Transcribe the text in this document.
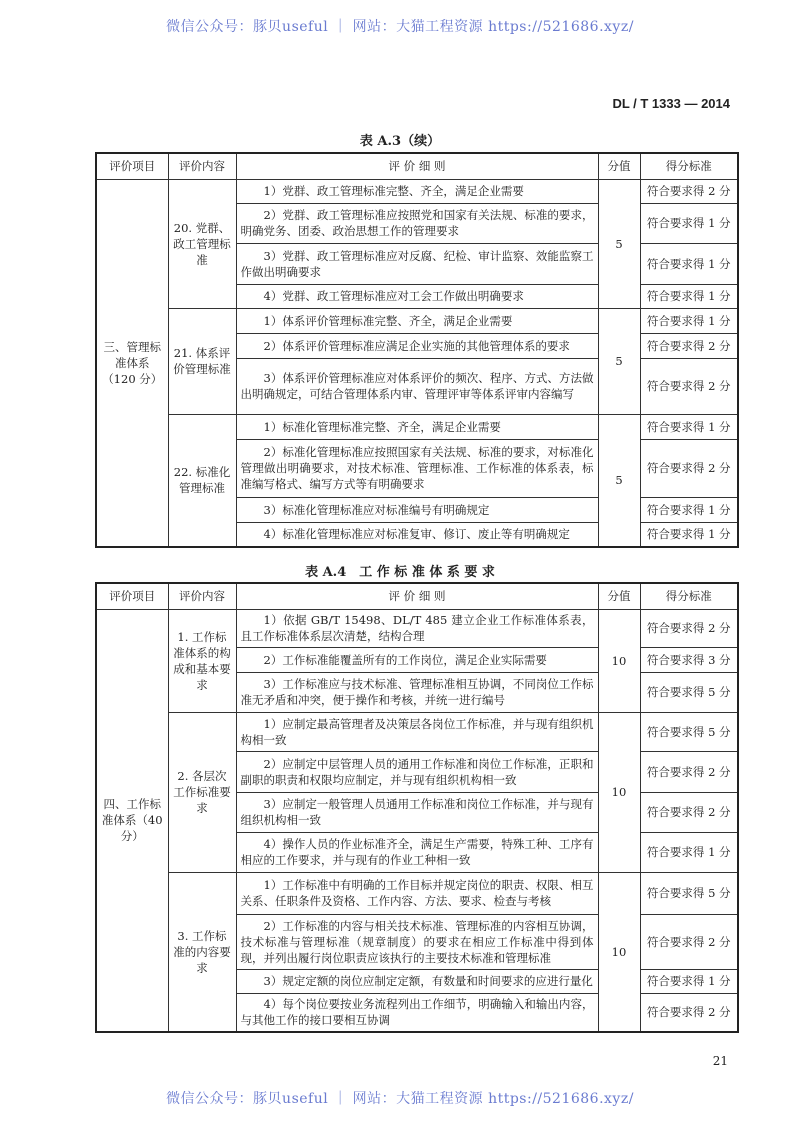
微信公众号：豚贝useful ｜ 网站：大猫工程资源 https://521686.xyz/
DL / T 1333 — 2014
表 A.3（续）
评价项目	评价内容	评 价 细 则	分值	得分标准
三、管理标准体系（120 分）	20. 党群、政工管理标准	1）党群、政工管理标准完整、齐全，满足企业需要	5	符合要求得 2 分
		2）党群、政工管理标准应按照党和国家有关法规、标准的要求，明确党务、团委、政治思想工作的管理要求		符合要求得 1 分
		3）党群、政工管理标准应对反腐、纪检、审计监察、效能监察工作做出明确要求		符合要求得 1 分
		4）党群、政工管理标准应对工会工作做出明确要求		符合要求得 1 分
	21. 体系评价管理标准	1）体系评价管理标准完整、齐全，满足企业需要	5	符合要求得 1 分
		2）体系评价管理标准应满足企业实施的其他管理体系的要求		符合要求得 2 分
		3）体系评价管理标准应对体系评价的频次、程序、方式、方法做出明确规定，可结合管理体系内审、管理评审等体系评审内容编写		符合要求得 2 分
	22. 标准化管理标准	1）标准化管理标准完整、齐全，满足企业需要	5	符合要求得 1 分
		2）标准化管理标准应按照国家有关法规、标准的要求，对标准化管理做出明确要求，对技术标准、管理标准、工作标准的体系表，标准编写格式、编写方式等有明确要求		符合要求得 2 分
		3）标准化管理标准应对标准编号有明确规定		符合要求得 1 分
		4）标准化管理标准应对标准复审、修订、废止等有明确规定		符合要求得 1 分
表 A.4　工 作 标 准 体 系 要 求
评价项目	评价内容	评 价 细 则	分值	得分标准
四、工作标准体系（40 分）	1. 工作标准体系的构成和基本要求	1）依据 GB/T 15498、DL/T 485 建立企业工作标准体系表，且工作标准体系层次清楚，结构合理	10	符合要求得 2 分
		2）工作标准能覆盖所有的工作岗位，满足企业实际需要		符合要求得 3 分
		3）工作标准应与技术标准、管理标准相互协调，不同岗位工作标准无矛盾和冲突，便于操作和考核，并统一进行编号		符合要求得 5 分
	2. 各层次工作标准要求	1）应制定最高管理者及决策层各岗位工作标准，并与现有组织机构相一致	10	符合要求得 5 分
		2）应制定中层管理人员的通用工作标准和岗位工作标准，正职和副职的职责和权限均应制定，并与现有组织机构相一致		符合要求得 2 分
		3）应制定一般管理人员通用工作标准和岗位工作标准，并与现有组织机构相一致		符合要求得 2 分
		4）操作人员的作业标准齐全，满足生产需要，特殊工种、工序有相应的工作要求，并与现有的作业工种相一致		符合要求得 1 分
	3. 工作标准的内容要求	1）工作标准中有明确的工作目标并规定岗位的职责、权限、相互关系、任职条件及资格、工作内容、方法、要求、检查与考核	10	符合要求得 5 分
		2）工作标准的内容与相关技术标准、管理标准的内容相互协调，技术标准与管理标准（规章制度）的要求在相应工作标准中得到体现，并列出履行岗位职责应该执行的主要技术标准和管理标准		符合要求得 2 分
		3）规定定额的岗位应制定定额，有数量和时间要求的应进行量化		符合要求得 1 分
		4）每个岗位要按业务流程列出工作细节，明确输入和输出内容，与其他工作的接口要相互协调		符合要求得 2 分
21
微信公众号：豚贝useful ｜ 网站：大猫工程资源 https://521686.xyz/
